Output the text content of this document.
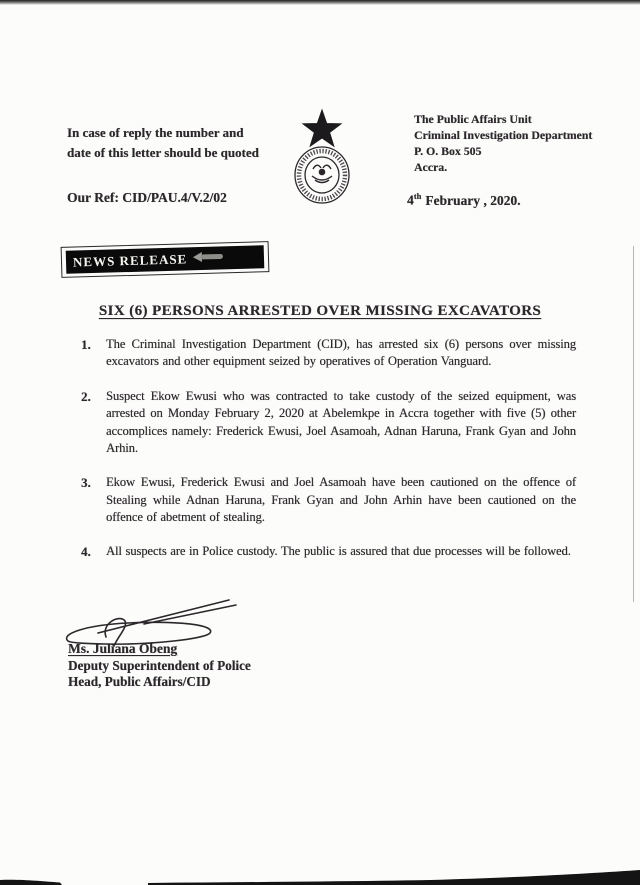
In case of reply the number and
date of this letter should be quoted
Our Ref: CID/PAU.4/V.2/02
The Public Affairs Unit
Criminal Investigation Department
P. O. Box 505
Accra.
4th February , 2020.
NEWS RELEASE
SIX (6) PERSONS ARRESTED OVER MISSING EXCAVATORS
1.	The Criminal Investigation Department (CID), has arrested six (6) persons over missing excavators and other equipment seized by operatives of Operation Vanguard.
2.	Suspect Ekow Ewusi who was contracted to take custody of the seized equipment, was arrested on Monday February 2, 2020 at Abelemkpe in Accra together with five (5) other accomplices namely: Frederick Ewusi, Joel Asamoah, Adnan Haruna, Frank Gyan and John Arhin.
3.	Ekow Ewusi, Frederick Ewusi and Joel Asamoah have been cautioned on the offence of Stealing while Adnan Haruna, Frank Gyan and John Arhin have been cautioned on the offence of abetment of stealing.
4.	All suspects are in Police custody. The public is assured that due processes will be followed.
Ms. Juliana Obeng
Deputy Superintendent of Police
Head, Public Affairs/CID
